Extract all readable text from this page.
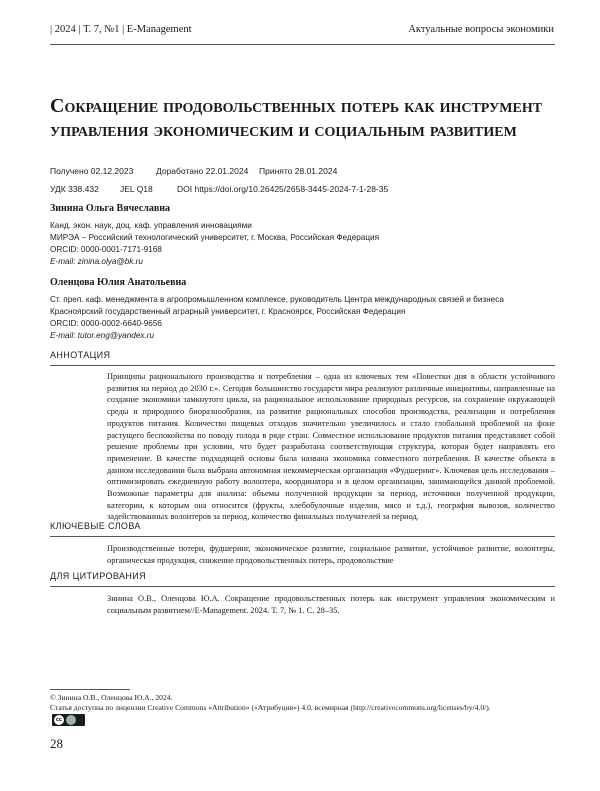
| 2024 | Т. 7, №1 | E-Management	Актуальные вопросы экономики
Сокращение продовольственных потерь как инструмент управления экономическим и социальным развитием
Получено 02.12.2023	Доработано 22.01.2024 Принято 28.01.2024
УДК 338.432 JEL Q18	DOI https://doi.org/10.26425/2658-3445-2024-7-1-28-35
Зинина Ольга Вячеславна
Канд. экон. наук, доц. каф. управления инновациями
МИРЭА – Российский технологический университет, г. Москва, Российская Федерация
ORCID: 0000-0001-7171-9168
E-mail: zinina.olya@bk.ru
Оленцова Юлия Анатольевна
Ст. преп. каф. менеджмента в агропромышленном комплексе, руководитель Центра международных связей и бизнеса
Красноярский государственный аграрный университет, г. Красноярск, Российская Федерация
ORCID: 0000-0002-6640-9656
E-mail: tutor.eng@yandex.ru
АННОТАЦИЯ
Принципы рационального производства и потребления – одна из ключевых тем «Повестки дня в области устойчивого развития на период до 2030 г.». Сегодня большинство государств мира реализуют различные инициативы, направленные на создание экономики замкнутого цикла, на рациональное использование природных ресурсов, на сохранение окружающей среды и природного биоразнообразия, на развитие рациональных способов производства, реализации и потребления продуктов питания. Количество пищевых отходов значительно увеличилось и стало глобальной проблемой на фоне растущего беспокойства по поводу голода в ряде стран. Совместное использование продуктов питания представляет собой решение проблемы при условии, что будет разработана соответствующая структура, которая будет направлять его применение. В качестве подходящей основы была названа экономика совместного потребления. В качестве объекта в данном исследовании была выбрана автономная некоммерческая организация «Фудшеринг». Ключевая цель исследования – оптимизировать ежедневную работу волонтера, координатора и в целом организации, занимающейся данной проблемой. Возможные параметры для анализа: объемы полученной продукции за период, источники полученной продукции, категории, к которым она относится (фрукты, хлебобулочные изделия, мясо и т.д.), география вывозов, количество задействованных волонтеров за период, количество финальных получателей за период.
КЛЮЧЕВЫЕ СЛОВА
Производственные потери, фудшеринг, экономическое развитие, социальное развитие, устойчивое развитие, волонтеры, органическая продукция, снижение продовольственных потерь, продовольствие
ДЛЯ ЦИТИРОВАНИЯ
Зинина О.В., Оленцова Ю.А. Сокращение продовольственных потерь как инструмент управления экономическим и социальным развитием//E-Management. 2024. Т. 7, № 1. С. 28–35.
© Зинина О.В., Оленцова Ю.А., 2024.
Статья доступна по лицензии Creative Commons «Attribution» («Атрибуция») 4.0. всемирная (http://creativecommons.org/licenses/by/4.0/).
cc
28
